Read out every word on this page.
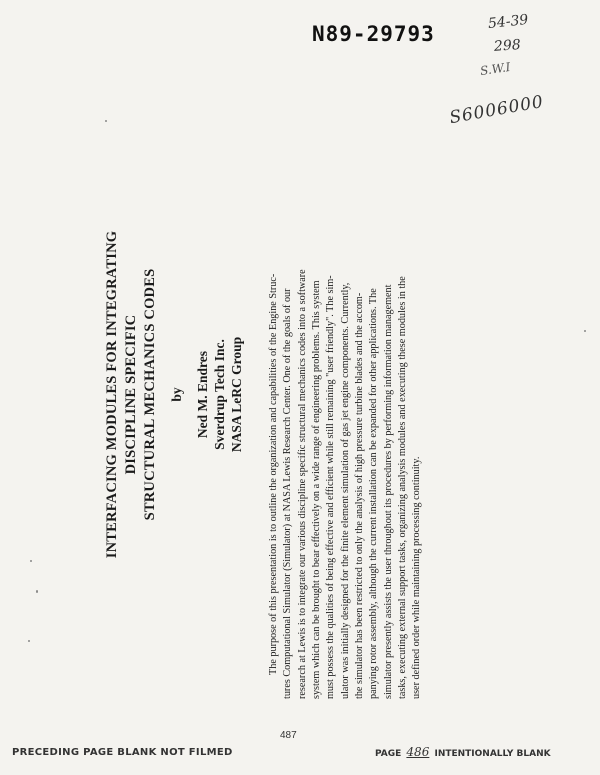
N89-29793
54-39
298
S.W.I
S6006000
INTERFACING MODULES FOR INTEGRATING DISCIPLINE SPECIFIC STRUCTURAL MECHANICS CODES by Ned M. Endres Sverdrup Tech Inc. NASA LeRC Group The purpose of this presentation is to outline the organization and capabilities of the Engine Struc- tures Computational Simulator (Simulator) at NASA Lewis Research Center. One of the goals of our research at Lewis is to integrate our various discipline specific structural mechanics codes into a software system which can be brought to bear effectively on a wide range of engineering problems. This system must possess the qualities of being effective and efficient while still remaining "user friendly". The sim- ulator was initially designed for the finite element simulation of gas jet engine components. Currently, the simulator has been restricted to only the analysis of high pressure turbine blades and the accom- panying rotor assembly, although the current installation can be expanded for other applications. The simulator presently assists the user throughout its procedures by performing information management tasks, executing external support tasks, organizing analysis modules and executing these modules in the user defined order while maintaining processing continuity.
PRECEDING PAGE BLANK NOT FILMED
487
PAGE 486 INTENTIONALLY BLANK
